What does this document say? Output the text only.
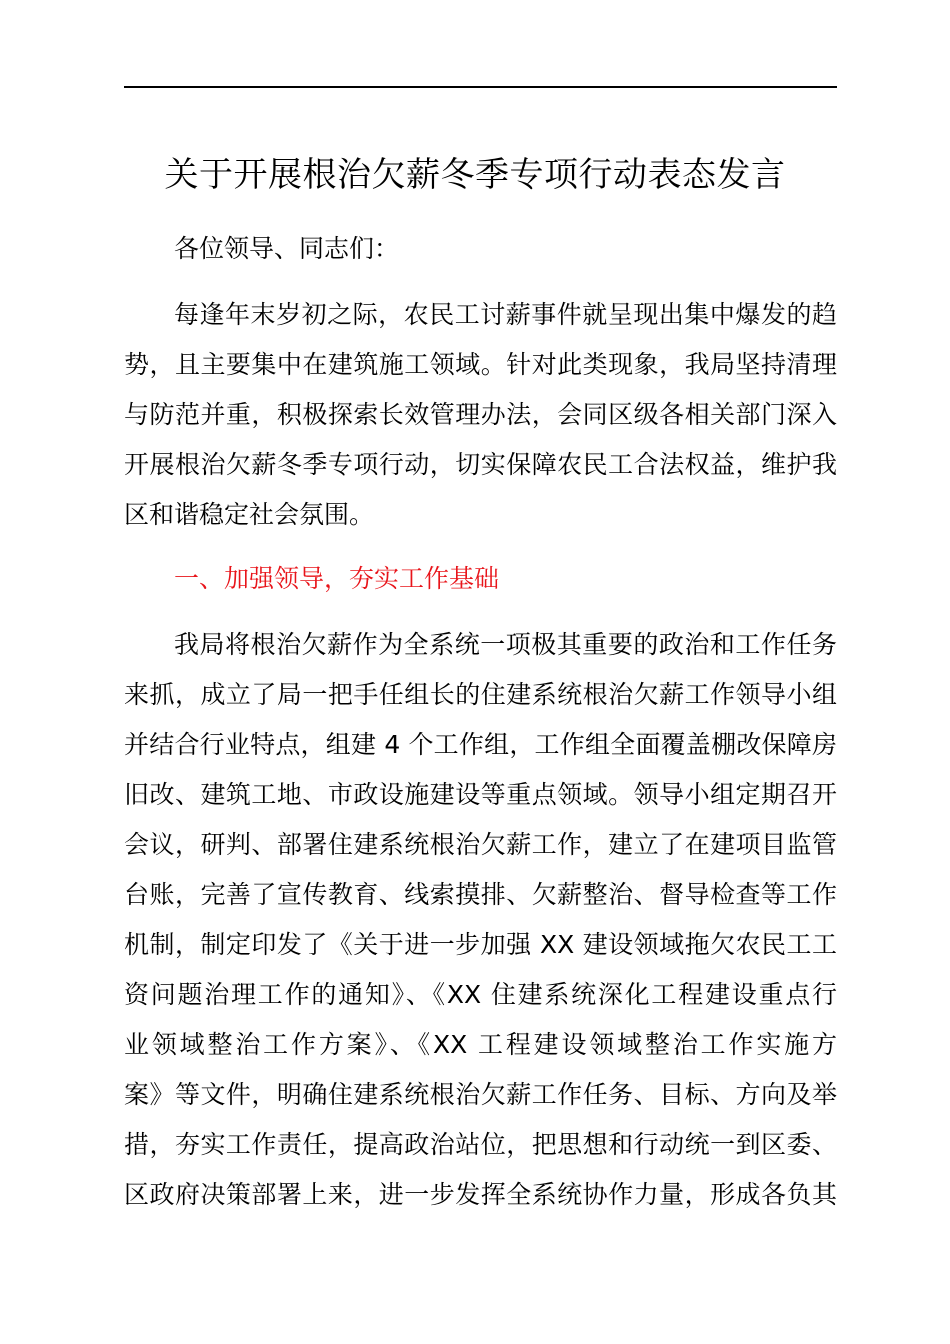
关于开展根治欠薪冬季专项行动表态发言
各位领导、同志们：
每逢年末岁初之际，农民工讨薪事件就呈现出集中爆发的趋
势，且主要集中在建筑施工领域。针对此类现象，我局坚持清理
与防范并重，积极探索长效管理办法，会同区级各相关部门深入
开展根治欠薪冬季专项行动，切实保障农民工合法权益，维护我
区和谐稳定社会氛围。
一、加强领导，夯实工作基础
我局将根治欠薪作为全系统一项极其重要的政治和工作任务
来抓，成立了局一把手任组长的住建系统根治欠薪工作领导小组
并结合行业特点，组建 4 个工作组，工作组全面覆盖棚改保障房
旧改、建筑工地、市政设施建设等重点领域。领导小组定期召开
会议，研判、部署住建系统根治欠薪工作，建立了在建项目监管
台账，完善了宣传教育、线索摸排、欠薪整治、督导检查等工作
机制，制定印发了《关于进一步加强 XX 建设领域拖欠农民工工
资问题治理工作的通知》、《XX 住建系统深化工程建设重点行
业领域整治工作方案》、《XX 工程建设领域整治工作实施方
案》等文件，明确住建系统根治欠薪工作任务、目标、方向及举
措，夯实工作责任，提高政治站位，把思想和行动统一到区委、
区政府决策部署上来，进一步发挥全系统协作力量，形成各负其
